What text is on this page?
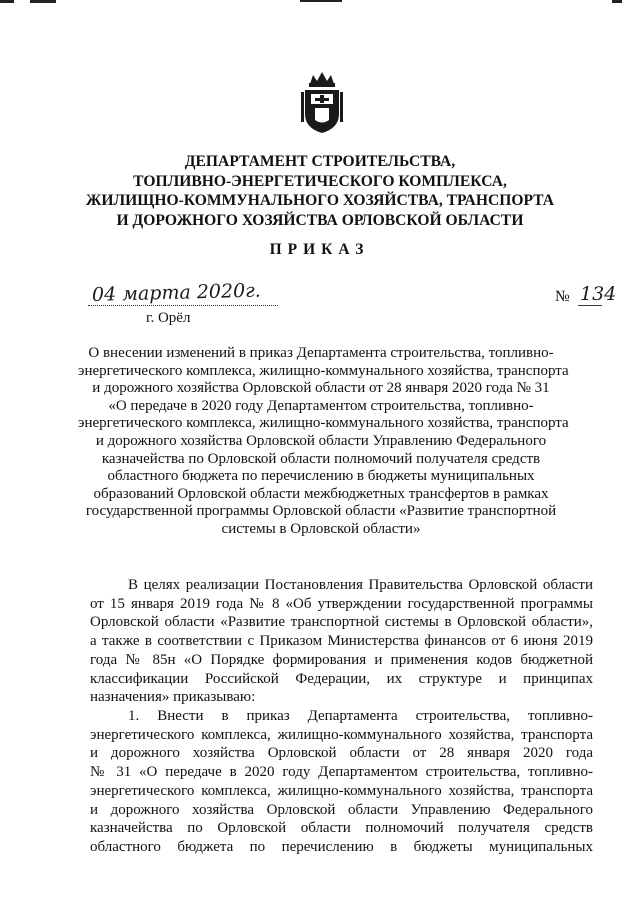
ДЕПАРТАМЕНТ СТРОИТЕЛЬСТВА,
ТОПЛИВНО-ЭНЕРГЕТИЧЕСКОГО КОМПЛЕКСА,
ЖИЛИЩНО-КОММУНАЛЬНОГО ХОЗЯЙСТВА, ТРАНСПОРТА
И ДОРОЖНОГО ХОЗЯЙСТВА ОРЛОВСКОЙ ОБЛАСТИ
ПРИКАЗ
04 марта 2020г.
г. Орёл
№ 134

О внесении изменений в приказ Департамента строительства, топливно-
энергетического комплекса, жилищно-коммунального хозяйства, транспорта
и дорожного хозяйства Орловской области от 28 января 2020 года № 31
«О передаче в 2020 году Департаментом строительства, топливно-
энергетического комплекса, жилищно-коммунального хозяйства, транспорта
и дорожного хозяйства Орловской области Управлению Федерального
казначейства по Орловской области полномочий получателя средств
областного бюджета по перечислению в бюджеты муниципальных
образований Орловской области межбюджетных трансфертов в рамках
государственной программы Орловской области «Развитие транспортной
системы в Орловской области»

В целях реализации Постановления Правительства Орловской области
от 15 января 2019 года № 8 «Об утверждении государственной программы
Орловской области «Развитие транспортной системы в Орловской области»,
а также в соответствии с Приказом Министерства финансов от 6 июня 2019
года № 85н «О Порядке формирования и применения кодов бюджетной
классификации Российской Федерации, их структуре и принципах
назначения» приказываю:

1. Внести в приказ Департамента строительства, топливно-
энергетического комплекса, жилищно-коммунального хозяйства, транспорта
и дорожного хозяйства Орловской области от 28 января 2020 года
№ 31 «О передаче в 2020 году Департаментом строительства, топливно-
энергетического комплекса, жилищно-коммунального хозяйства, транспорта
и дорожного хозяйства Орловской области Управлению Федерального
казначейства по Орловской области полномочий получателя средств
областного бюджета по перечислению в бюджеты муниципальных
